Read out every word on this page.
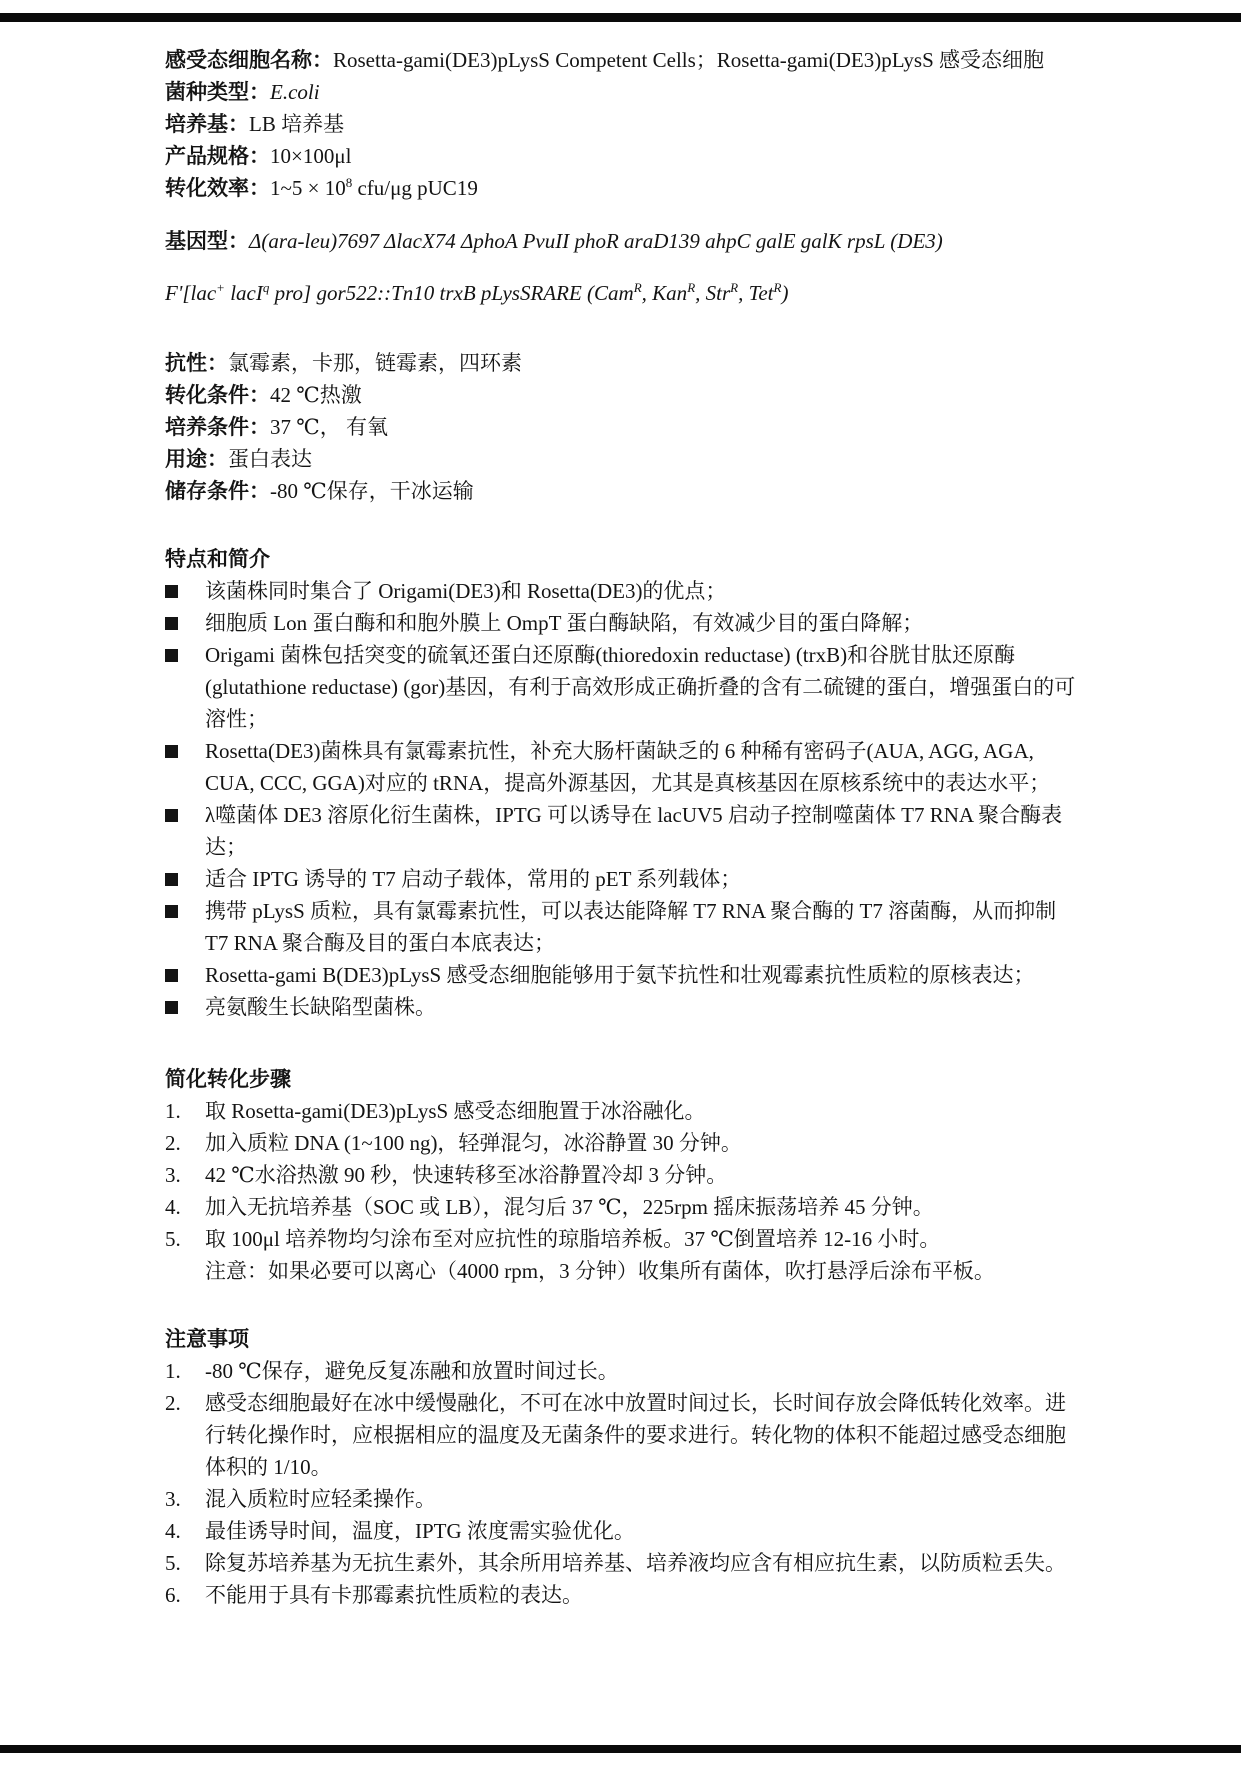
感受态细胞名称：Rosetta-gami(DE3)pLysS Competent Cells；Rosetta-gami(DE3)pLysS 感受态细胞

菌种类型：E.coli

培养基：LB 培养基

产品规格：10×100μl

转化效率：1~5 × $10^8$ cfu/μg pUC19

基因型：Δ(ara-leu)7697 ΔlacX74 ΔphoA PvuII phoR araD139 ahpC galE galK rpsL (DE3)

F'[lac+ lacI$^q$ pro] gor522::Tn10 trxB pLysSRARE (Cam$^R$, Kan$^R$, Str$^R$, Tet$^R$)

抗性：氯霉素，卡那，链霉素，四环素

转化条件：42 ℃热激

培养条件：37 ℃， 有氧

用途：蛋白表达

储存条件：-80 ℃保存，干冰运输

特点和简介

该菌株同时集合了 Origami(DE3)和 Rosetta(DE3)的优点；
细胞质 Lon 蛋白酶和和胞外膜上 OmpT 蛋白酶缺陷，有效减少目的蛋白降解；
Origami 菌株包括突变的硫氧还蛋白还原酶(thioredoxin reductase) (trxB)和谷胱甘肽还原酶(glutathione reductase) (gor)基因，有利于高效形成正确折叠的含有二硫键的蛋白，增强蛋白的可溶性；
Rosetta(DE3)菌株具有氯霉素抗性，补充大肠杆菌缺乏的 6 种稀有密码子(AUA, AGG, AGA, CUA, CCC, GGA)对应的 tRNA，提高外源基因，尤其是真核基因在原核系统中的表达水平；
λ噬菌体 DE3 溶原化衍生菌株，IPTG 可以诱导在 lacUV5 启动子控制噬菌体 T7 RNA 聚合酶表达；
适合 IPTG 诱导的 T7 启动子载体，常用的 pET 系列载体；
携带 pLysS 质粒，具有氯霉素抗性，可以表达能降解 T7 RNA 聚合酶的 T7 溶菌酶，从而抑制 T7 RNA 聚合酶及目的蛋白本底表达；
Rosetta-gami B(DE3)pLysS 感受态细胞能够用于氨苄抗性和壮观霉素抗性质粒的原核表达；
亮氨酸生长缺陷型菌株。

简化转化步骤

1.	取 Rosetta-gami(DE3)pLysS 感受态细胞置于冰浴融化。
2.	加入质粒 DNA (1~100 ng)，轻弹混匀，冰浴静置 30 分钟。
3.	42 ℃水浴热激 90 秒，快速转移至冰浴静置冷却 3 分钟。
4.	加入无抗培养基（SOC 或 LB），混匀后 37 ℃，225rpm 摇床振荡培养 45 分钟。
5.	取 100μl 培养物均匀涂布至对应抗性的琼脂培养板。37 ℃倒置培养 12-16 小时。

注意：如果必要可以离心（4000 rpm，3 分钟）收集所有菌体，吹打悬浮后涂布平板。

注意事项

1.	-80 ℃保存，避免反复冻融和放置时间过长。
2.	感受态细胞最好在冰中缓慢融化，不可在冰中放置时间过长，长时间存放会降低转化效率。进行转化操作时，应根据相应的温度及无菌条件的要求进行。转化物的体积不能超过感受态细胞体积的 1/10。
3.	混入质粒时应轻柔操作。
4.	最佳诱导时间，温度，IPTG 浓度需实验优化。
5.	除复苏培养基为无抗生素外，其余所用培养基、培养液均应含有相应抗生素，以防质粒丢失。
6.	不能用于具有卡那霉素抗性质粒的表达。
